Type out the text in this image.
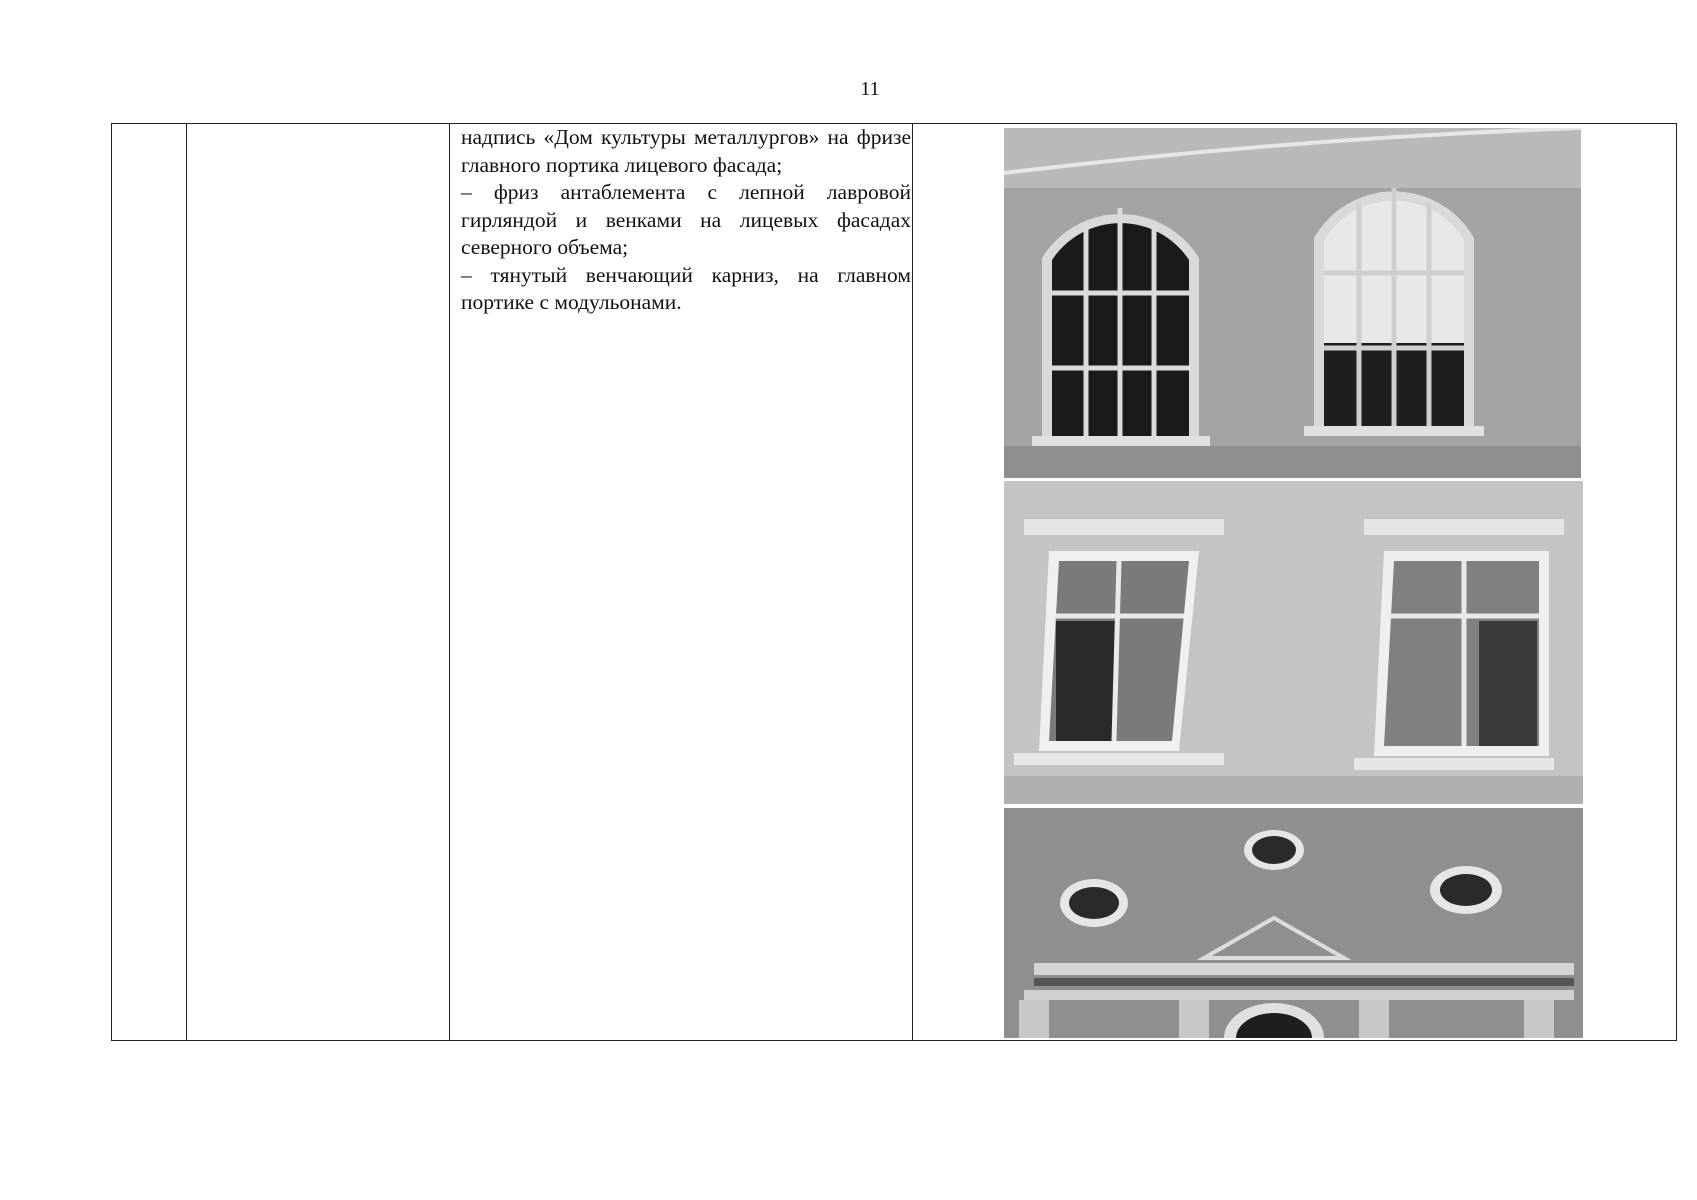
11

надпись «Дом культуры металлургов» на фризе главного портика лицевого фасада;

– фриз антаблемента с лепной лавровой гирляндой и венками на лицевых фасадах северного объема;

– тянутый венчающий карниз, на главном портике с модульонами.
